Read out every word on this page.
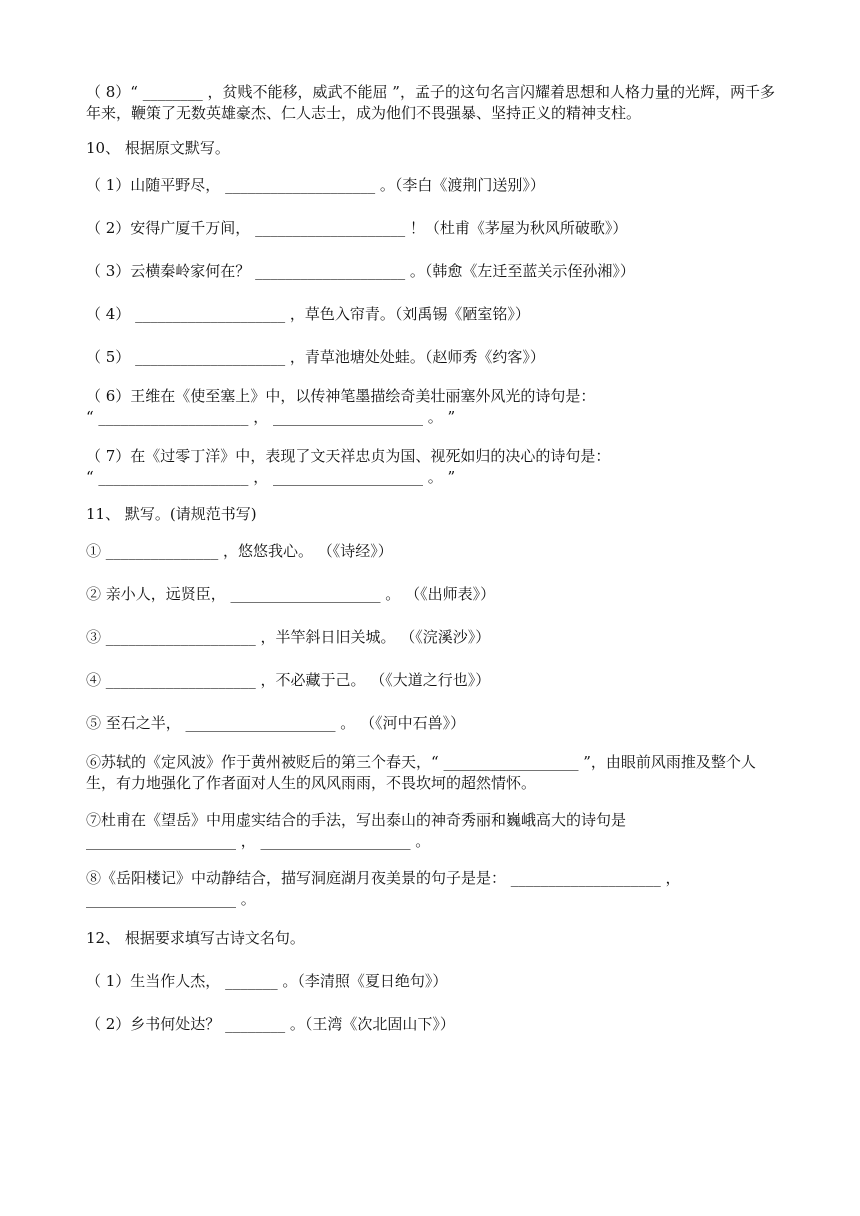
（ 8）“ ________ ，贫贱不能移，威武不能屈 ”，孟子的这句名言闪耀着思想和人格力量的光辉，两千多年来，鞭策了无数英雄豪杰、仁人志士，成为他们不畏强暴、坚持正义的精神支柱。

10、 根据原文默写。

（ 1）山随平野尽， ____________________ 。（李白《渡荆门送别》）

（ 2）安得广厦千万间， ____________________ ！（杜甫《茅屋为秋风所破歌》）

（ 3）云横秦岭家何在？ ____________________ 。（韩愈《左迁至蓝关示侄孙湘》）

（ 4） ____________________ ，草色入帘青。（刘禹锡《陋室铭》）

（ 5） ____________________ ，青草池塘处处蛙。（赵师秀《约客》）

（ 6）王维在《使至塞上》中，以传神笔墨描绘奇美壮丽塞外风光的诗句是：
“ ____________________ ， ____________________ 。 ”

（ 7）在《过零丁洋》中，表现了文天祥忠贞为国、视死如归的决心的诗句是：
“ ____________________ ， ____________________ 。 ”

11、 默写。(请规范书写)

① _______________ ，悠悠我心。 （《诗经》）

② 亲小人，远贤臣， ____________________ 。 （《出师表》）

③ ____________________ ，半竿斜日旧关城。 （《浣溪沙》）

④ ____________________ ，不必藏于己。 （《大道之行也》）

⑤ 至石之半， ____________________ 。 （《河中石兽》）

⑥苏轼的《定风波》作于黄州被贬后的第三个春天，“ __________________ ”，由眼前风雨推及整个人生，有力地强化了作者面对人生的风风雨雨，不畏坎坷的超然情怀。

⑦杜甫在《望岳》中用虚实结合的手法，写出泰山的神奇秀丽和巍峨高大的诗句是
____________________ ， ____________________ 。

⑧《岳阳楼记》中动静结合，描写洞庭湖月夜美景的句子是是： ____________________ ，
____________________ 。

12、 根据要求填写古诗文名句。

（ 1）生当作人杰， _______ 。（李清照《夏日绝句》）

（ 2）乡书何处达？ ________ 。（王湾《次北固山下》）
